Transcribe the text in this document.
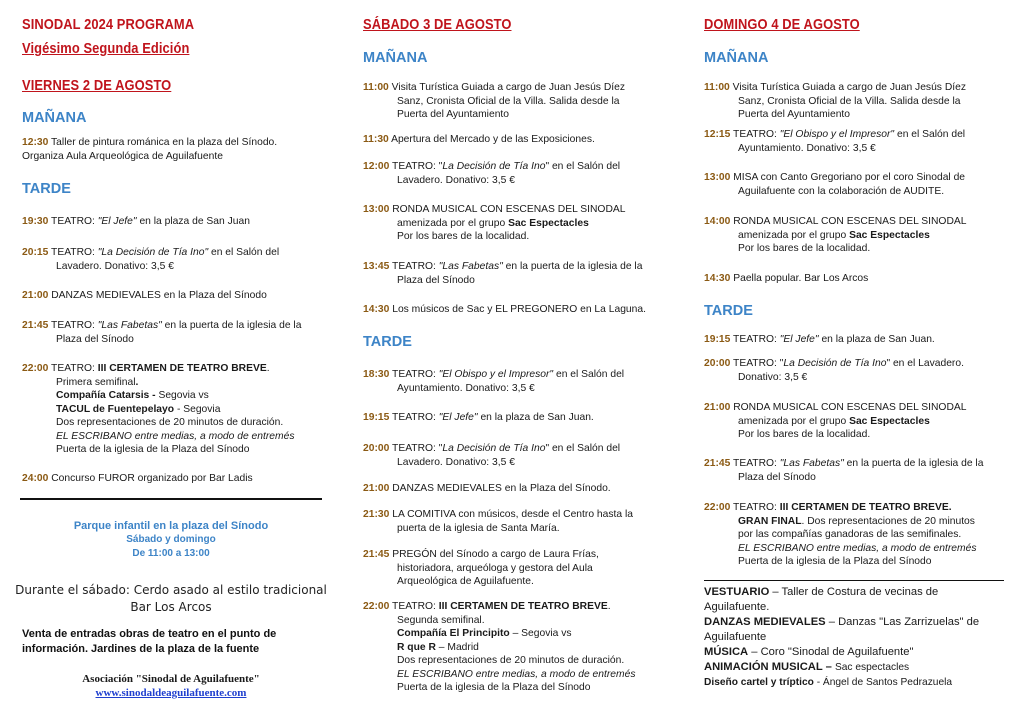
SINODAL 2024 PROGRAMA
Vigésimo Segunda Edición
VIERNES 2 DE AGOSTO
MAÑANA
12:30 Taller de pintura románica en la plaza del Sínodo.
Organiza Aula Arqueológica de Aguilafuente
TARDE
19:30 TEATRO: "El Jefe" en la plaza de San Juan
20:15 TEATRO: "La Decisión de Tía Ino" en el Salón del
Lavadero. Donativo: 3,5 €
21:00 DANZAS MEDIEVALES en la Plaza del Sínodo
21:45 TEATRO: "Las Fabetas" en la puerta de la iglesia de la
Plaza del Sínodo
22:00 TEATRO: III CERTAMEN DE TEATRO BREVE.
Primera semifinal.
Compañía Catarsis - Segovia vs
TACUL de Fuentepelayo - Segovia
Dos representaciones de 20 minutos de duración.
EL ESCRIBANO entre medias, a modo de entremés
Puerta de la iglesia de la Plaza del Sínodo
24:00 Concurso FUROR organizado por Bar Ladis
Parque infantil en la plaza del Sínodo
Sábado y domingo
De 11:00 a 13:00
Durante el sábado: Cerdo asado al estilo tradicional
Bar Los Arcos
Venta de entradas obras de teatro en el punto de
información. Jardines de la plaza de la fuente
Asociación "Sinodal de Aguilafuente"
www.sinodaldeaguilafuente.com
SÁBADO 3 DE AGOSTO
MAÑANA
11:00 Visita Turística Guiada a cargo de Juan Jesús Díez
Sanz, Cronista Oficial de la Villa. Salida desde la
Puerta del Ayuntamiento
11:30 Apertura del Mercado y de las Exposiciones.
12:00 TEATRO: "La Decisión de Tía Ino" en el Salón del
Lavadero. Donativo: 3,5 €
13:00 RONDA MUSICAL CON ESCENAS DEL SINODAL
amenizada por el grupo Sac Espectacles
Por los bares de la localidad.
13:45 TEATRO: "Las Fabetas" en la puerta de la iglesia de la
Plaza del Sínodo
14:30 Los músicos de Sac y EL PREGONERO en La Laguna.
TARDE
18:30 TEATRO: "El Obispo y el Impresor" en el Salón del
Ayuntamiento. Donativo: 3,5 €
19:15 TEATRO: "El Jefe" en la plaza de San Juan.
20:00 TEATRO: "La Decisión de Tía Ino" en el Salón del
Lavadero. Donativo: 3,5 €
21:00 DANZAS MEDIEVALES en la Plaza del Sínodo.
21:30 LA COMITIVA con músicos, desde el Centro hasta la
puerta de la iglesia de Santa María.
21:45 PREGÓN del Sínodo a cargo de Laura Frías,
historiadora, arqueóloga y gestora del Aula
Arqueológica de Aguilafuente.
22:00 TEATRO: III CERTAMEN DE TEATRO BREVE.
Segunda semifinal.
Compañía El Principito – Segovia vs
R que R – Madrid
Dos representaciones de 20 minutos de duración.
EL ESCRIBANO entre medias, a modo de entremés
Puerta de la iglesia de la Plaza del Sínodo
DOMINGO 4 DE AGOSTO
MAÑANA
11:00 Visita Turística Guiada a cargo de Juan Jesús Díez
Sanz, Cronista Oficial de la Villa. Salida desde la
Puerta del Ayuntamiento
12:15 TEATRO: "El Obispo y el Impresor" en el Salón del
Ayuntamiento. Donativo: 3,5 €
13:00 MISA con Canto Gregoriano por el coro Sinodal de
Aguilafuente con la colaboración de AUDITE.
14:00 RONDA MUSICAL CON ESCENAS DEL SINODAL
amenizada por el grupo Sac Espectacles
Por los bares de la localidad.
14:30 Paella popular. Bar Los Arcos
TARDE
19:15 TEATRO: "El Jefe" en la plaza de San Juan.
20:00 TEATRO: "La Decisión de Tía Ino" en el Lavadero.
Donativo: 3,5 €
21:00 RONDA MUSICAL CON ESCENAS DEL SINODAL
amenizada por el grupo Sac Espectacles
Por los bares de la localidad.
21:45 TEATRO: "Las Fabetas" en la puerta de la iglesia de la
Plaza del Sínodo
22:00 TEATRO: III CERTAMEN DE TEATRO BREVE.
GRAN FINAL. Dos representaciones de 20 minutos
por las compañías ganadoras de las semifinales.
EL ESCRIBANO entre medias, a modo de entremés
Puerta de la iglesia de la Plaza del Sínodo
VESTUARIO – Taller de Costura de vecinas de
Aguilafuente.
DANZAS MEDIEVALES – Danzas "Las Zarrizuelas" de
Aguilafuente
MÚSICA – Coro "Sinodal de Aguilafuente"
ANIMACIÓN MUSICAL – Sac espectacles
Diseño cartel y tríptico - Ángel de Santos Pedrazuela
